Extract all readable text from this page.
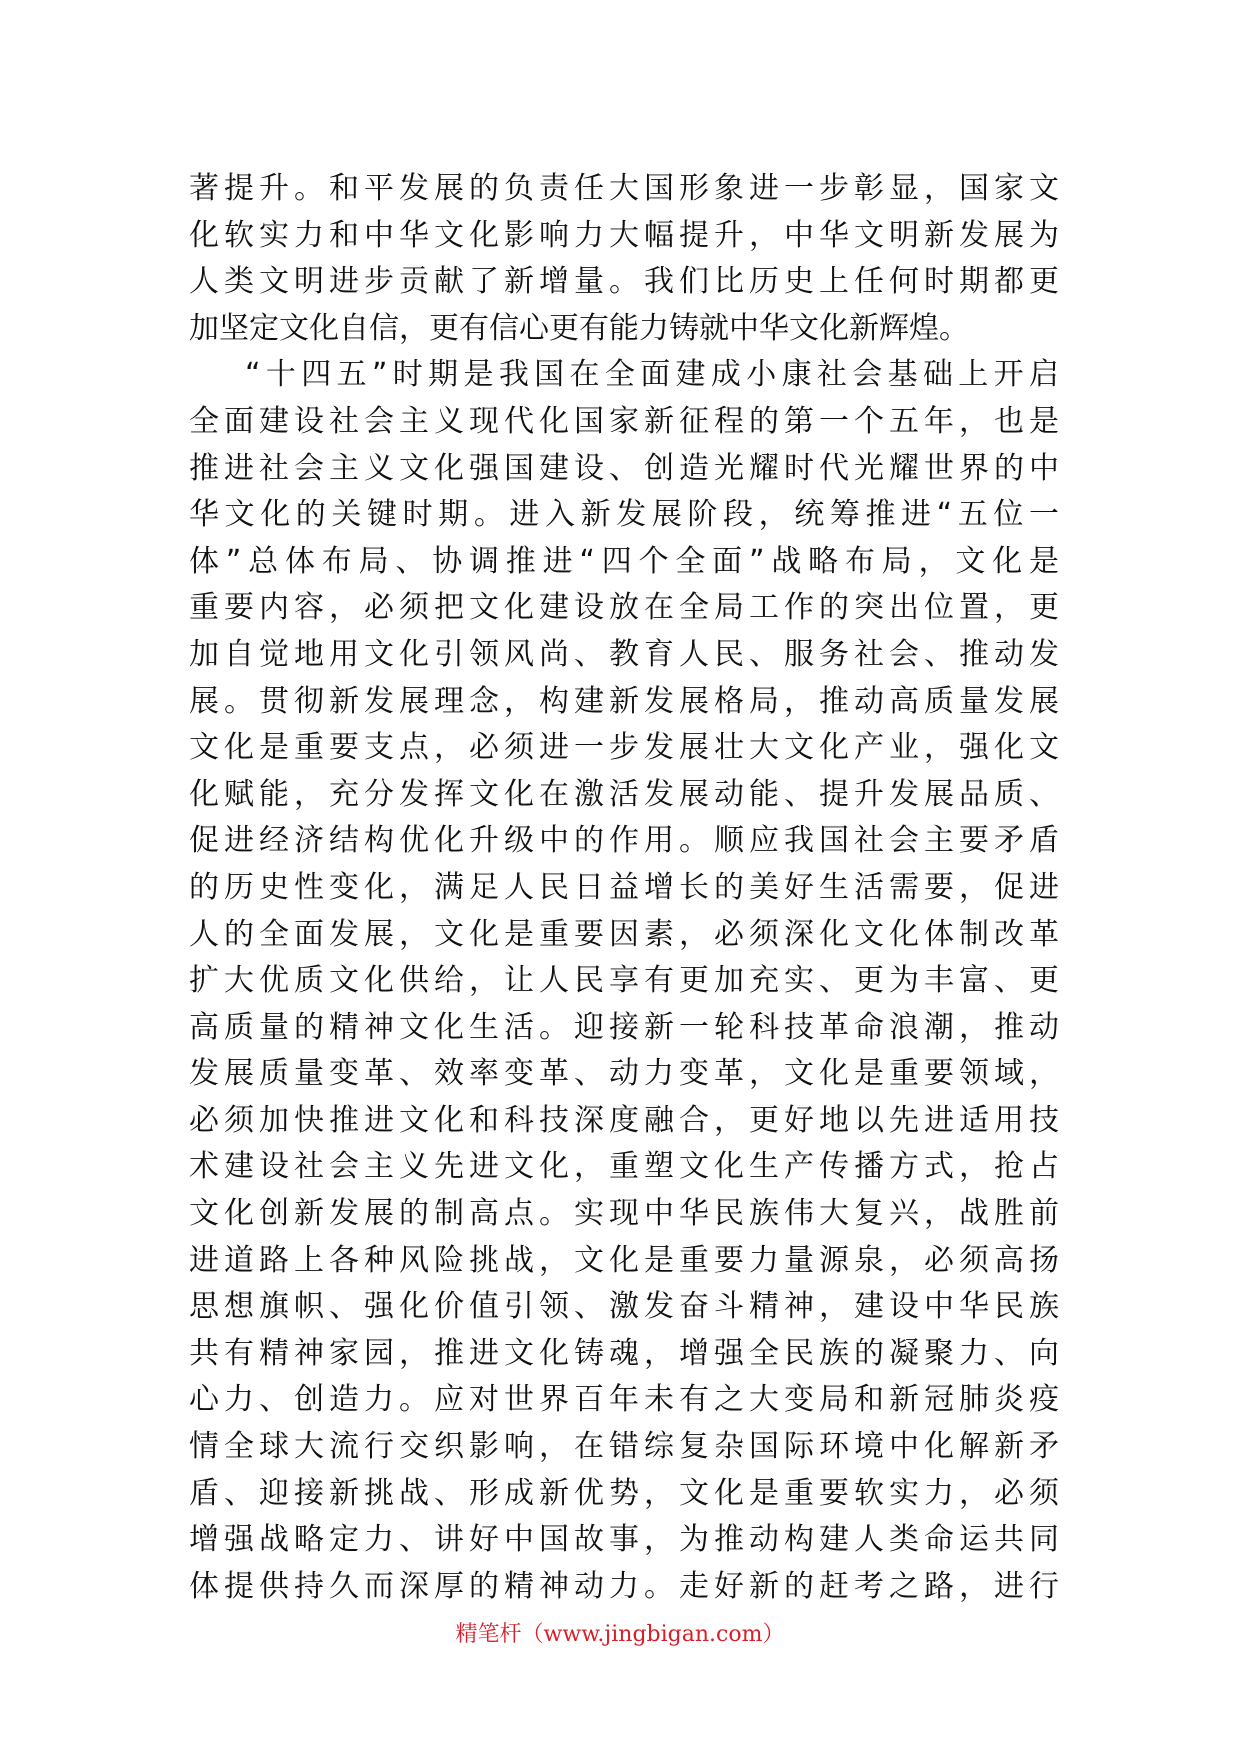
著提升。和平发展的负责任大国形象进一步彰显，国家文
化软实力和中华文化影响力大幅提升，中华文明新发展为
人类文明进步贡献了新增量。我们比历史上任何时期都更
加坚定文化自信，更有信心更有能力铸就中华文化新辉煌。
“十四五”时期是我国在全面建成小康社会基础上开启
全面建设社会主义现代化国家新征程的第一个五年，也是
推进社会主义文化强国建设、创造光耀时代光耀世界的中
华文化的关键时期。进入新发展阶段，统筹推进“五位一
体”总体布局、协调推进“四个全面”战略布局，文化是
重要内容，必须把文化建设放在全局工作的突出位置，更
加自觉地用文化引领风尚、教育人民、服务社会、推动发
展。贯彻新发展理念，构建新发展格局，推动高质量发展
文化是重要支点，必须进一步发展壮大文化产业，强化文
化赋能，充分发挥文化在激活发展动能、提升发展品质、
促进经济结构优化升级中的作用。顺应我国社会主要矛盾
的历史性变化，满足人民日益增长的美好生活需要，促进
人的全面发展，文化是重要因素，必须深化文化体制改革
扩大优质文化供给，让人民享有更加充实、更为丰富、更
高质量的精神文化生活。迎接新一轮科技革命浪潮，推动
发展质量变革、效率变革、动力变革，文化是重要领域，
必须加快推进文化和科技深度融合，更好地以先进适用技
术建设社会主义先进文化，重塑文化生产传播方式，抢占
文化创新发展的制高点。实现中华民族伟大复兴，战胜前
进道路上各种风险挑战，文化是重要力量源泉，必须高扬
思想旗帜、强化价值引领、激发奋斗精神，建设中华民族
共有精神家园，推进文化铸魂，增强全民族的凝聚力、向
心力、创造力。应对世界百年未有之大变局和新冠肺炎疫
情全球大流行交织影响，在错综复杂国际环境中化解新矛
盾、迎接新挑战、形成新优势，文化是重要软实力，必须
增强战略定力、讲好中国故事，为推动构建人类命运共同
体提供持久而深厚的精神动力。走好新的赶考之路，进行
精笔杆（www.jingbigan.com）
